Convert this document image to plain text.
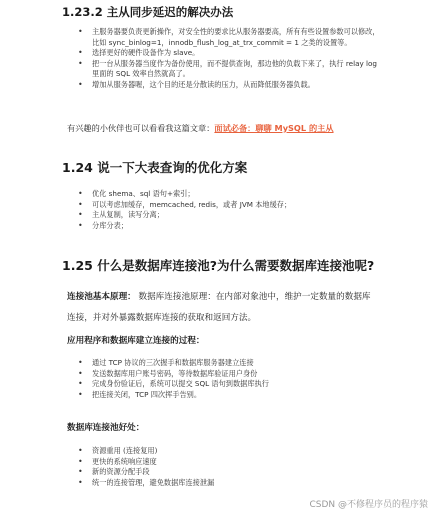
1.23.2 主从同步延迟的解决办法
• 主服务器要负责更新操作，对安全性的要求比从服务器要高，所有有些设置参数可以修改，比如 sync_binlog=1，innodb_flush_log_at_trx_commit = 1 之类的设置等。
• 选择更好的硬件设备作为 slave。
• 把一台从服务器当度作为备份使用，而不提供查询，那边他的负载下来了，执行 relay log 里面的 SQL 效率自然就高了。
• 增加从服务器喔，这个目的还是分散读的压力，从而降低服务器负载。
有兴趣的小伙伴也可以看看我这篇文章：面试必备：聊聊 MySQL 的主从
1.24 说一下大表查询的优化方案
• 优化 shema、sql 语句+索引；
• 可以考虑加缓存，memcached, redis，或者 JVM 本地缓存；
• 主从复制，读写分离；
• 分库分表；
1.25 什么是数据库连接池?为什么需要数据库连接池呢?
连接池基本原理： 数据库连接池原理：在内部对象池中，维护一定数量的数据库连接，并对外暴露数据库连接的获取和返回方法。
应用程序和数据库建立连接的过程：
• 通过 TCP 协议的三次握手和数据库服务器建立连接
• 发送数据库用户账号密码，等待数据库验证用户身份
• 完成身份验证后，系统可以提交 SQL 语句到数据库执行
• 把连接关闭，TCP 四次挥手告别。
数据库连接池好处：
• 资源重用 (连接复用)
• 更快的系统响应速度
• 新的资源分配手段
• 统一的连接管理，避免数据库连接泄漏
CSDN @不修程序员的程序猿
